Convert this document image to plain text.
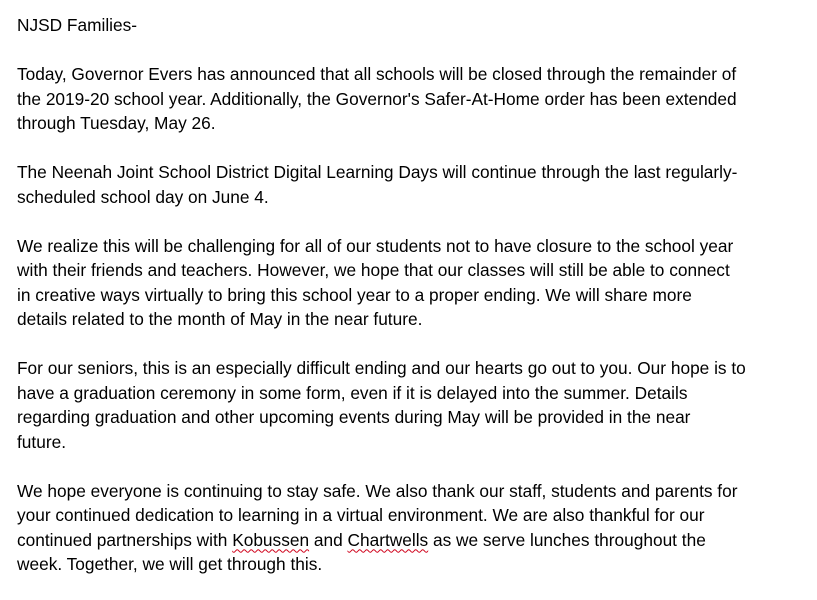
NJSD Families-
Today, Governor Evers has announced that all schools will be closed through the remainder of
the 2019-20 school year. Additionally, the Governor's Safer-At-Home order has been extended
through Tuesday, May 26.
The Neenah Joint School District Digital Learning Days will continue through the last regularly-
scheduled school day on June 4.
We realize this will be challenging for all of our students not to have closure to the school year
with their friends and teachers. However, we hope that our classes will still be able to connect
in creative ways virtually to bring this school year to a proper ending. We will share more
details related to the month of May in the near future.
For our seniors, this is an especially difficult ending and our hearts go out to you. Our hope is to
have a graduation ceremony in some form, even if it is delayed into the summer. Details
regarding graduation and other upcoming events during May will be provided in the near
future.
We hope everyone is continuing to stay safe. We also thank our staff, students and parents for
your continued dedication to learning in a virtual environment. We are also thankful for our
continued partnerships with Kobussen and Chartwells as we serve lunches throughout the
week. Together, we will get through this.
